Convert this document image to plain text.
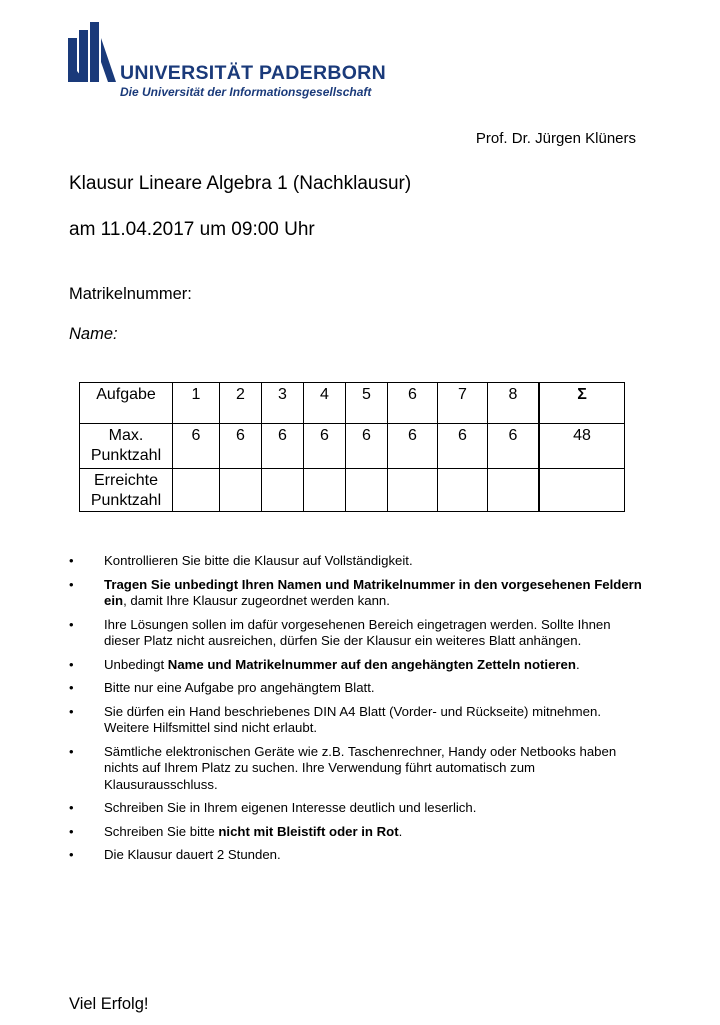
UNIVERSITÄT PADERBORN
Die Universität der Informationsgesellschaft
Prof. Dr. Jürgen Klüners
Klausur Lineare Algebra 1 (Nachklausur)
am 11.04.2017 um 09:00 Uhr
Matrikelnummer:
Name:
Aufgabe	1	2	3	4	5	6	7	8	Σ

Max.
Punktzahl	6	6	6	6	6	6	6	6	48

Erreichte
Punktzahl									

• Kontrollieren Sie bitte die Klausur auf Vollständigkeit.
• Tragen Sie unbedingt Ihren Namen und Matrikelnummer in den vorgesehenen Feldern ein, damit Ihre Klausur zugeordnet werden kann.
• Ihre Lösungen sollen im dafür vorgesehenen Bereich eingetragen werden. Sollte Ihnen dieser Platz nicht ausreichen, dürfen Sie der Klausur ein weiteres Blatt anhängen.
• Unbedingt Name und Matrikelnummer auf den angehängten Zetteln notieren.
• Bitte nur eine Aufgabe pro angehängtem Blatt.
• Sie dürfen ein Hand beschriebenes DIN A4 Blatt (Vorder- und Rückseite) mitnehmen. Weitere Hilfsmittel sind nicht erlaubt.
• Sämtliche elektronischen Geräte wie z.B. Taschenrechner, Handy oder Netbooks haben nichts auf Ihrem Platz zu suchen. Ihre Verwendung führt automatisch zum Klausurausschluss.
• Schreiben Sie in Ihrem eigenen Interesse deutlich und leserlich.
• Schreiben Sie bitte nicht mit Bleistift oder in Rot.
• Die Klausur dauert 2 Stunden.
Viel Erfolg!
